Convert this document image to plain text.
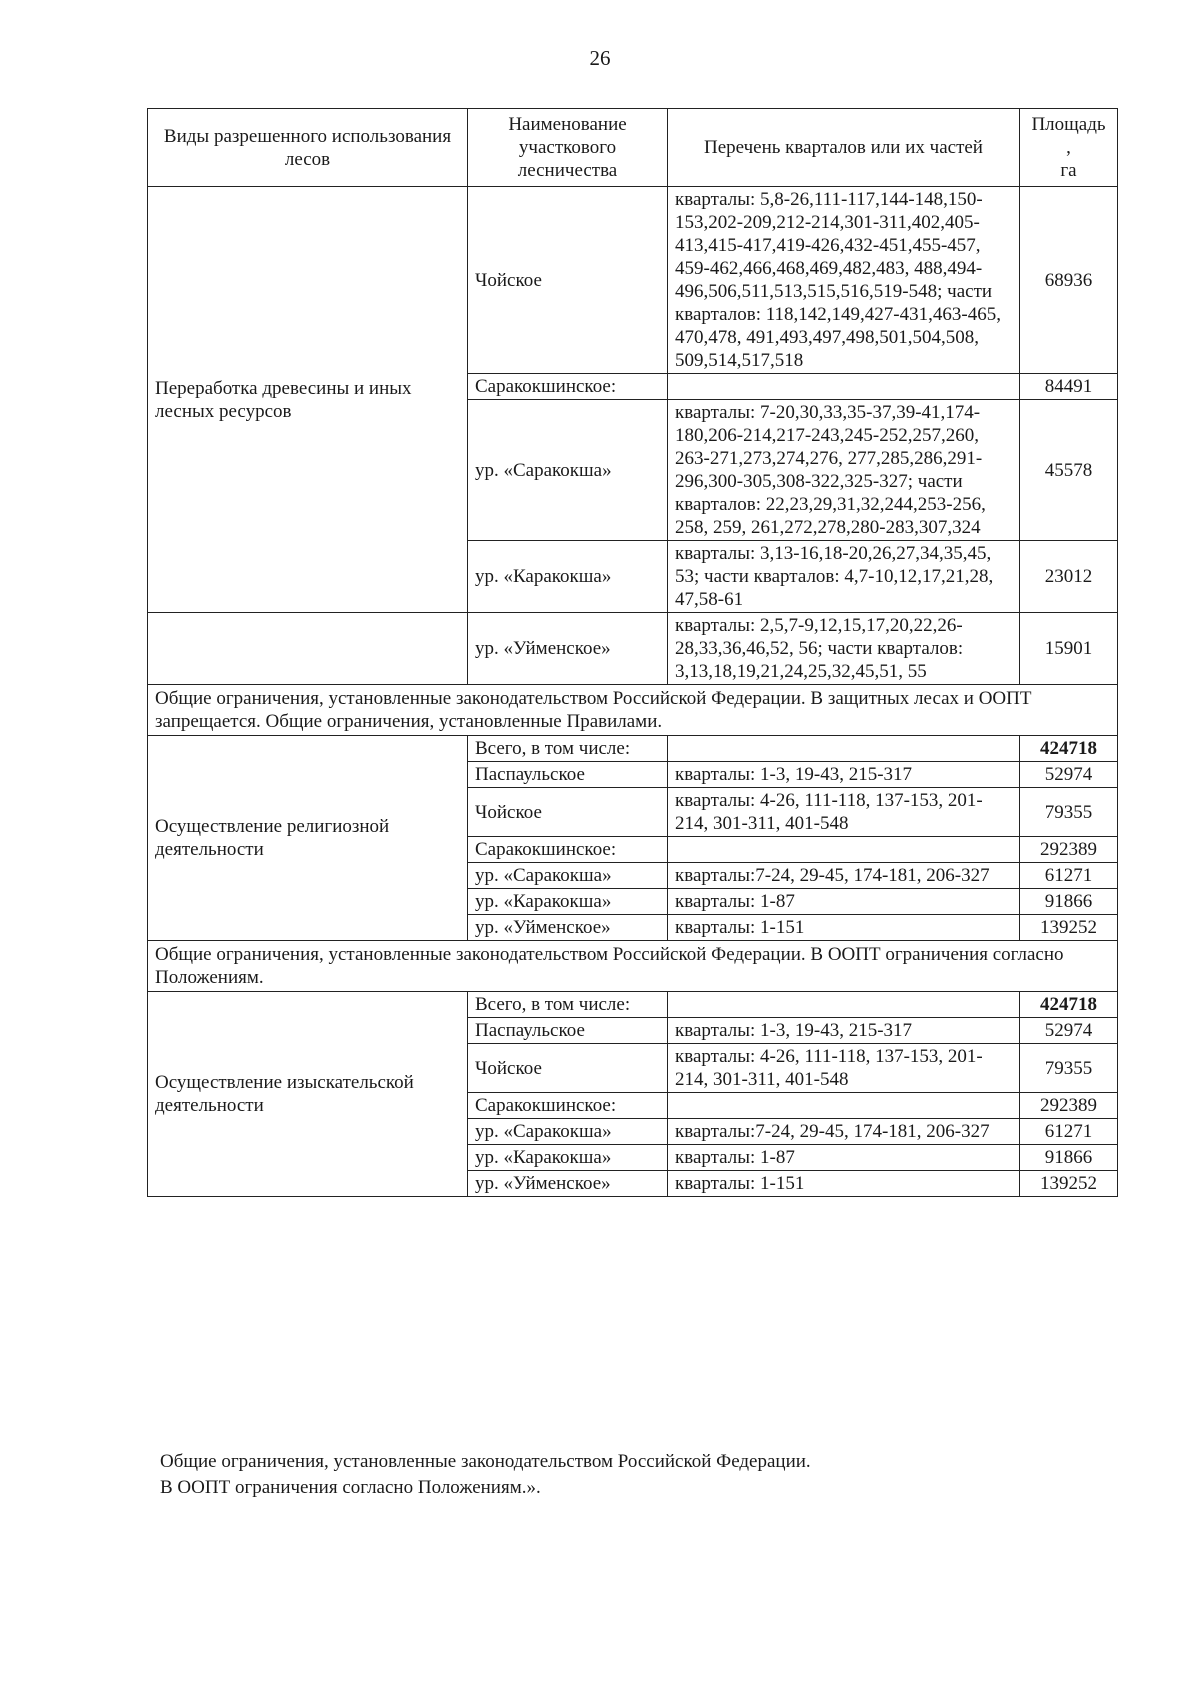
26
Виды разрешенного использования лесов	Наименование участкового лесничества	Перечень кварталов или их частей	Площадь
,
га

Переработка древесины и иных лесных ресурсов	Чойское	кварталы: 5,8-26,111-117,144-148,150-153,202-209,212-214,301-311,402,405-413,415-417,419-426,432-451,455-457, 459-462,466,468,469,482,483, 488,494-496,506,511,513,515,516,519-548; части кварталов: 118,142,149,427-431,463-465, 470,478, 491,493,497,498,501,504,508, 509,514,517,518	68936
	Саракокшинское:		84491
	ур. «Саракокша»	кварталы: 7-20,30,33,35-37,39-41,174-180,206-214,217-243,245-252,257,260, 263-271,273,274,276, 277,285,286,291-296,300-305,308-322,325-327; части кварталов: 22,23,29,31,32,244,253-256, 258, 259, 261,272,278,280-283,307,324	45578
	ур. «Каракокша»	кварталы: 3,13-16,18-20,26,27,34,35,45, 53; части кварталов: 4,7-10,12,17,21,28, 47,58-61	23012
	ур. «Уйменское»	кварталы: 2,5,7-9,12,15,17,20,22,26-28,33,36,46,52, 56; части кварталов: 3,13,18,19,21,24,25,32,45,51, 55	15901
Общие ограничения, установленные законодательством Российской Федерации. В защитных лесах и ООПТ запрещается. Общие ограничения, установленные Правилами.			
Осуществление религиозной деятельности	Всего, в том числе:		424718
	Паспаульское	кварталы: 1-3, 19-43, 215-317	52974
	Чойское	кварталы: 4-26, 111-118, 137-153, 201-214, 301-311, 401-548	79355
	Саракокшинское:		292389
	ур. «Саракокша»	кварталы:7-24, 29-45, 174-181, 206-327	61271
	ур. «Каракокша»	кварталы: 1-87	91866
	ур. «Уйменское»	кварталы: 1-151	139252
Общие ограничения, установленные законодательством Российской Федерации. В ООПТ ограничения согласно Положениям.			
Осуществление изыскательской деятельности	Всего, в том числе:		424718
	Паспаульское	кварталы: 1-3, 19-43, 215-317	52974
	Чойское	кварталы: 4-26, 111-118, 137-153, 201-214, 301-311, 401-548	79355
	Саракокшинское:		292389
	ур. «Саракокша»	кварталы:7-24, 29-45, 174-181, 206-327	61271
	ур. «Каракокша»	кварталы: 1-87	91866
	ур. «Уйменское»	кварталы: 1-151	139252
Общие ограничения, установленные законодательством Российской Федерации.
В ООПТ ограничения согласно Положениям.».
